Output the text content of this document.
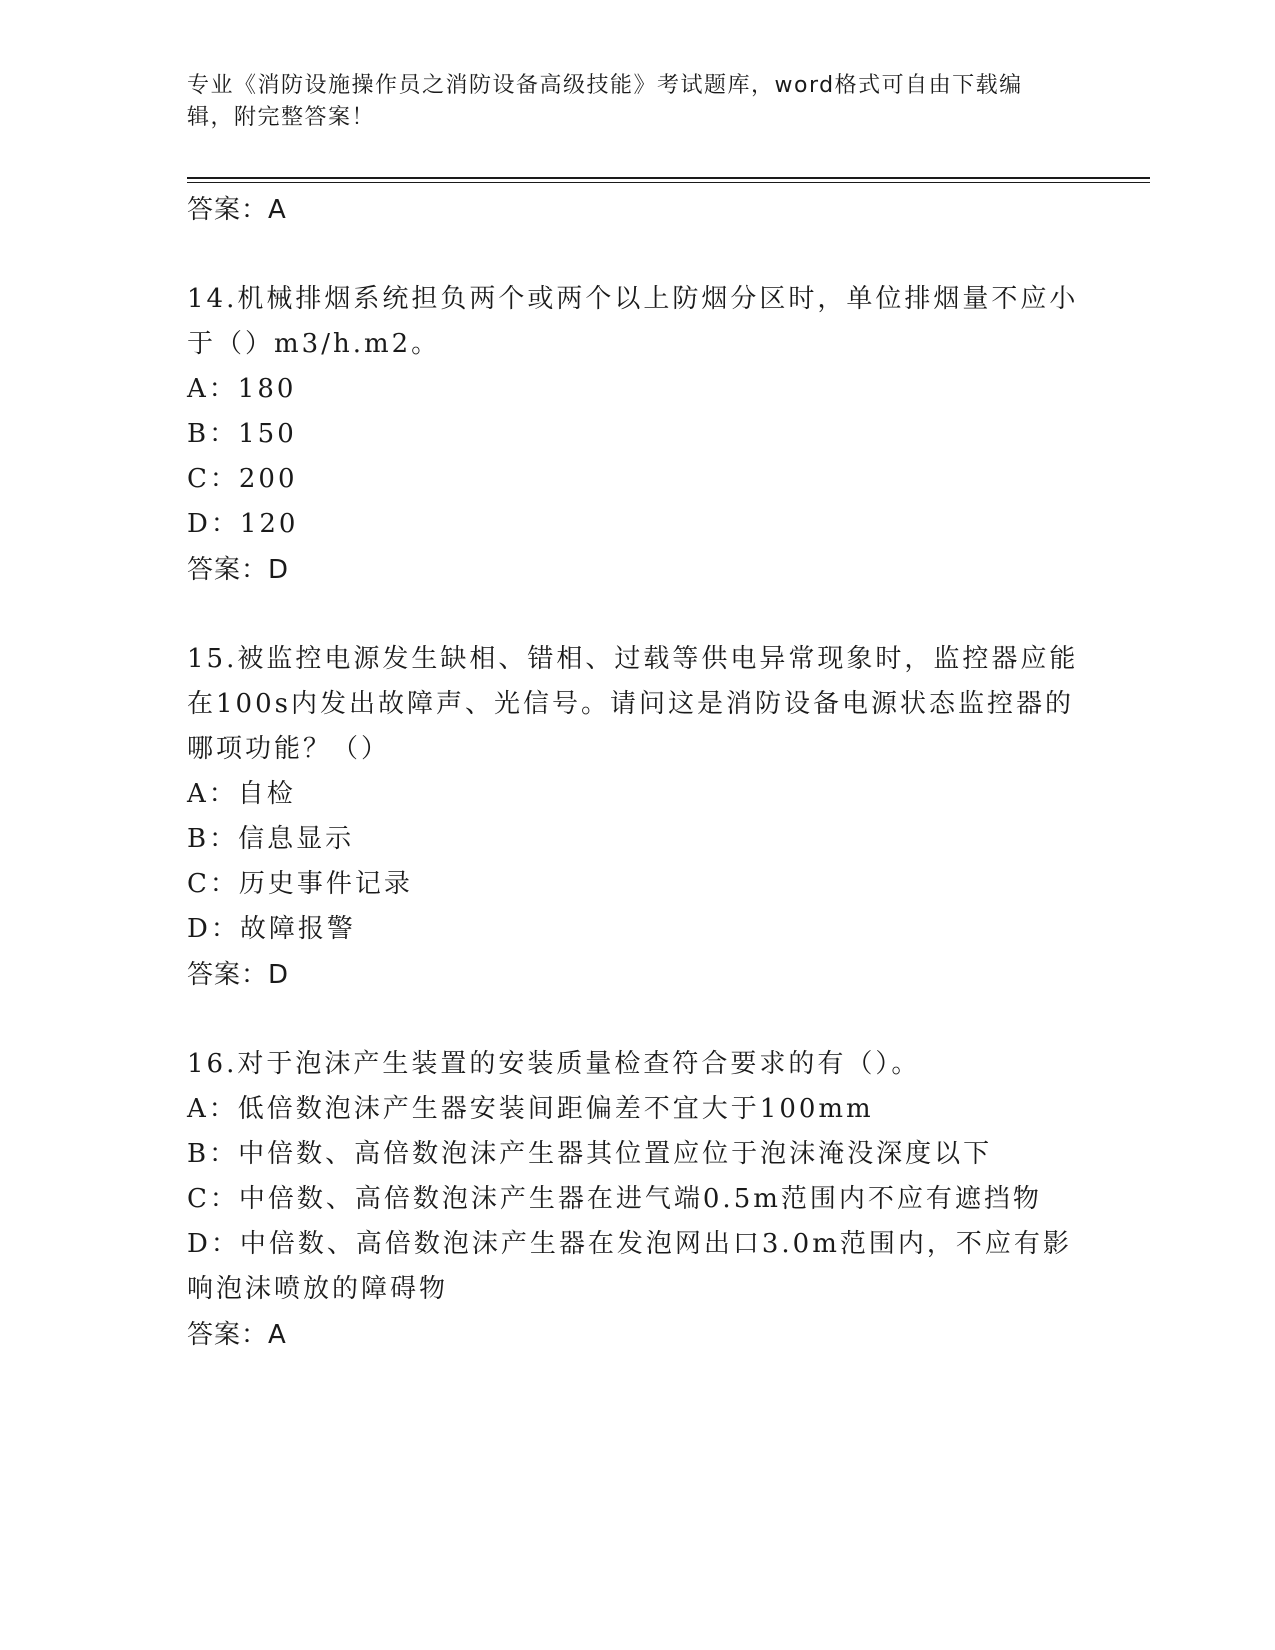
专业《消防设施操作员之消防设备高级技能》考试题库，word格式可自由下载编
辑，附完整答案！
答案：A
14.机械排烟系统担负两个或两个以上防烟分区时，单位排烟量不应小
于（）m3/h.m2。
A：180
B：150
C：200
D：120
答案：D
15.被监控电源发生缺相、错相、过载等供电异常现象时，监控器应能
在100s内发出故障声、光信号。请问这是消防设备电源状态监控器的
哪项功能？（）
A：自检
B：信息显示
C：历史事件记录
D：故障报警
答案：D
16.对于泡沫产生装置的安装质量检查符合要求的有（）。
A：低倍数泡沫产生器安装间距偏差不宜大于100mm
B：中倍数、高倍数泡沫产生器其位置应位于泡沫淹没深度以下
C：中倍数、高倍数泡沫产生器在进气端0.5m范围内不应有遮挡物
D：中倍数、高倍数泡沫产生器在发泡网出口3.0m范围内，不应有影
响泡沫喷放的障碍物
答案：A
